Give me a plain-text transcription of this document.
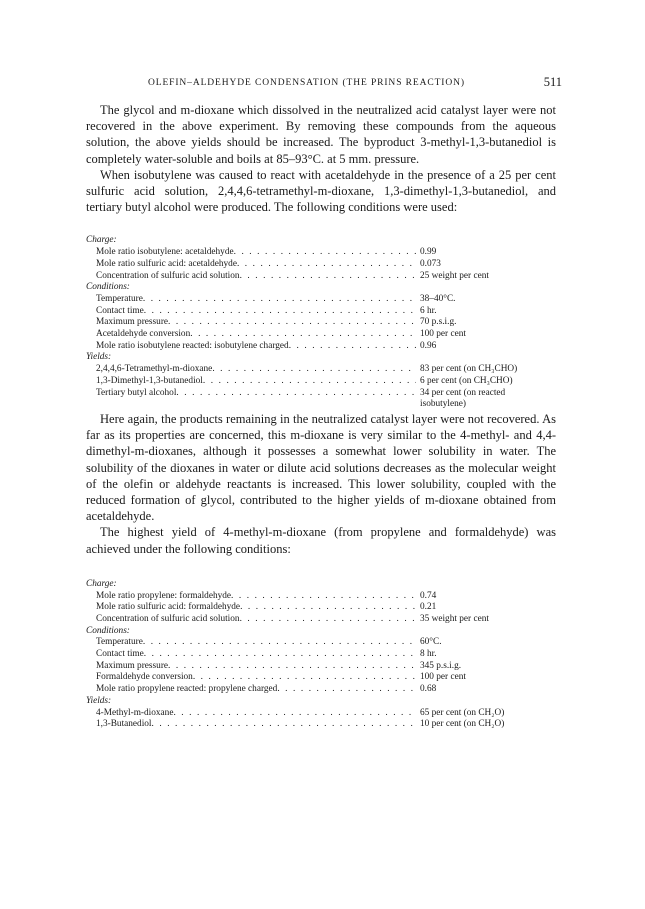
OLEFIN–ALDEHYDE CONDENSATION (THE PRINS REACTION)	511

The glycol and m-dioxane which dissolved in the neutralized acid catalyst layer were not recovered in the above experiment. By removing these compounds from the aqueous solution, the above yields should be increased. The byproduct 3-methyl-1,3-butanediol is completely water-soluble and boils at 85–93°C. at 5 mm. pressure.

When isobutylene was caused to react with acetaldehyde in the presence of a 25 per cent sulfuric acid solution, 2,4,4,6-tetramethyl-m-dioxane, 1,3-dimethyl-1,3-butanediol, and tertiary butyl alcohol were produced. The following conditions were used:

Charge:
Mole ratio isobutylene: acetaldehyde . . .	0.99
Mole ratio sulfuric acid: acetaldehyde . . .	0.073
Concentration of sulfuric acid solution . . .	25 weight per cent
Conditions:
Temperature . . .	38–40°C.
Contact time . . .	6 hr.
Maximum pressure . . .	70 p.s.i.g.
Acetaldehyde conversion . . .	100 per cent
Mole ratio isobutylene reacted: isobutylene charged . . .	0.96
Yields:
2,4,4,6-Tetramethyl-m-dioxane . . .	83 per cent (on CH₃CHO)
1,3-Dimethyl-1,3-butanediol . . .	6 per cent (on CH₃CHO)
Tertiary butyl alcohol . . .	34 per cent (on reacted isobutylene)

Here again, the products remaining in the neutralized catalyst layer were not recovered. As far as its properties are concerned, this m-dioxane is very similar to the 4-methyl- and 4,4-dimethyl-m-dioxanes, although it possesses a somewhat lower solubility in water. The solubility of the dioxanes in water or dilute acid solutions decreases as the molecular weight of the olefin or aldehyde reactants is increased. This lower solubility, coupled with the reduced formation of glycol, contributed to the higher yields of m-dioxane obtained from acetaldehyde.

The highest yield of 4-methyl-m-dioxane (from propylene and formaldehyde) was achieved under the following conditions:

Charge:
Mole ratio propylene: formaldehyde . . .	0.74
Mole ratio sulfuric acid: formaldehyde . . .	0.21
Concentration of sulfuric acid solution . . .	35 weight per cent
Conditions:
Temperature . . .	60°C.
Contact time . . .	8 hr.
Maximum pressure . . .	345 p.s.i.g.
Formaldehyde conversion . . .	100 per cent
Mole ratio propylene reacted: propylene charged . . .	0.68
Yields:
4-Methyl-m-dioxane . . .	65 per cent (on CH₂O)
1,3-Butanediol . . .	10 per cent (on CH₂O)
